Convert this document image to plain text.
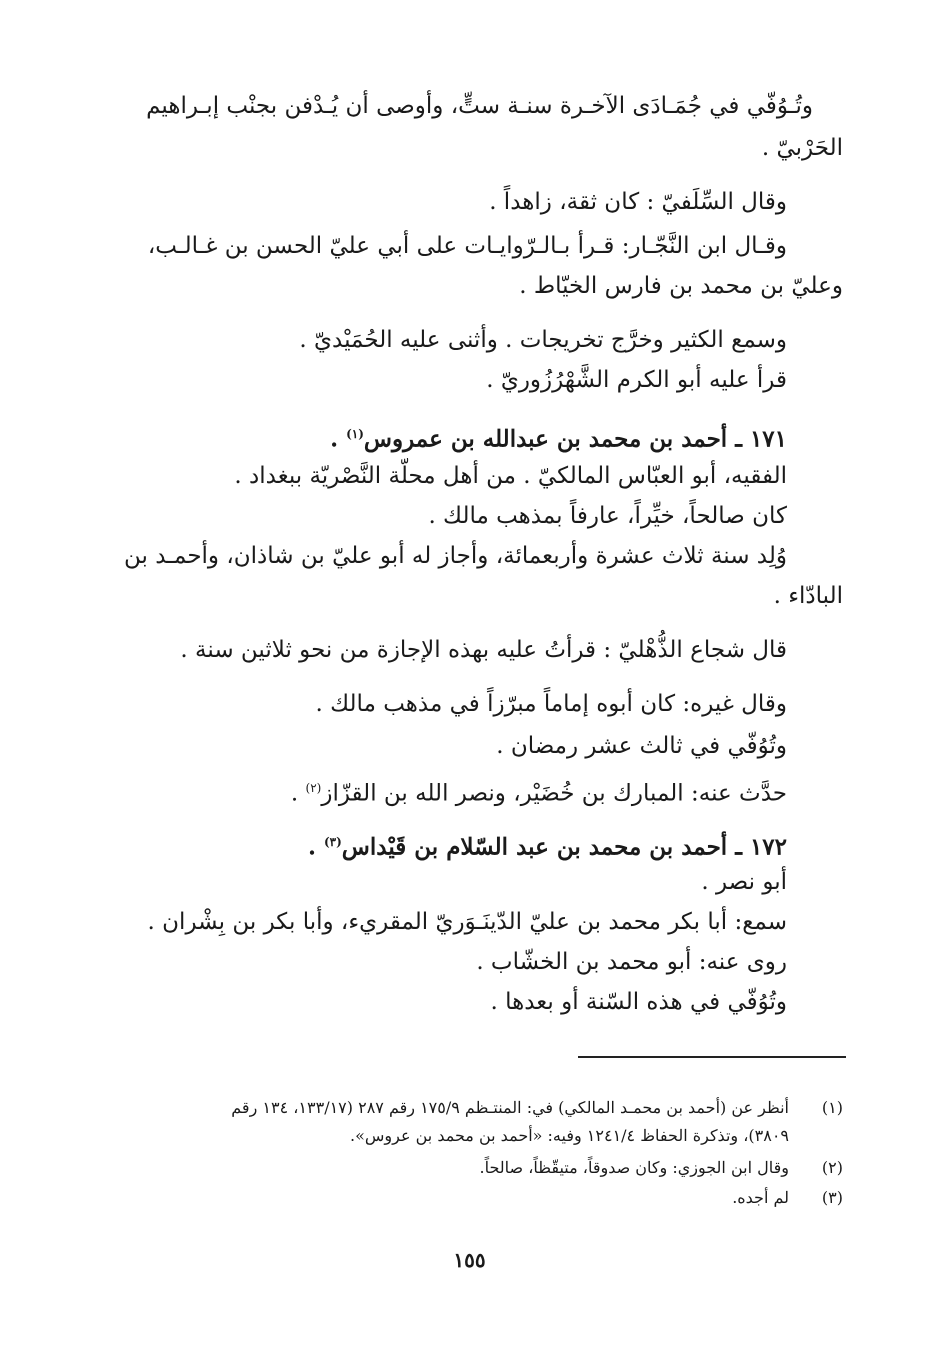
وتُـوُفّي في جُمَـادَى الآخـرة سنـة ستٍّ، وأوصى أن يُـدْفن بجنْب إبـراهيم
الحَرْبيّ .
وقال السِّلَفيّ : كان ثقة، زاهداً .
وقـال ابن النَّجّـار: قـرأ بـالـرّوايـات على أبي عليّ الحسن بن غـالـب،
وعليّ بن محمد بن فارس الخيّاط .
وسمع الكثير وخرَّج تخريجات . وأثنى عليه الحُمَيْديّ .
قرأ عليه أبو الكرم الشَّهْرُزُوريّ .
١٧١ ـ أحمد بن محمد بن عبدالله بن عمروس$^{(١)}$ .
الفقيه، أبو العبّاس المالكيّ . من أهل محلّة النَّصْريّة ببغداد .
كان صالحاً، خيِّراً، عارفاً بمذهب مالك .
وُلِد سنة ثلاث عشرة وأربعمائة، وأجاز له أبو عليّ بن شاذان، وأحمـد بن
البادّاء .
قال شجاع الذُّهْليّ : قرأتُ عليه بهذه الإجازة من نحو ثلاثين سنة .
وقال غيره: كان أبوه إماماً مبرّزاً في مذهب مالك .
وتُوُفّي في ثالث عشر رمضان .
حدَّث عنه: المبارك بن خُضَيْر، ونصر الله بن القزّاز$^{(٢)}$ .
١٧٢ ـ أحمد بن محمد بن عبد السّلام بن قَيْداس$^{(٣)}$ .
أبو نصر .
سمع: أبا بكر محمد بن عليّ الدّينَـوَريّ المقريء، وأبا بكر بن بِشْران .
روى عنه: أبو محمد بن الخشّاب .
وتُوُفّي في هذه السّنة أو بعدها .
(١)
أنظر عن (أحمد بن محمـد المالكي) في: المنتـظم ١٧٥/٩ رقم ٢٨٧ (١٣٣/١٧، ١٣٤ رقم
٣٨٠٩)، وتذكرة الحفاظ ١٢٤١/٤ وفيه: «أحمد بن محمد بن عروس».
(٢)
وقال ابن الجوزي: وكان صدوقاً، متيقّظاً، صالحاً.
(٣)
لم أجده.
١٥٥
